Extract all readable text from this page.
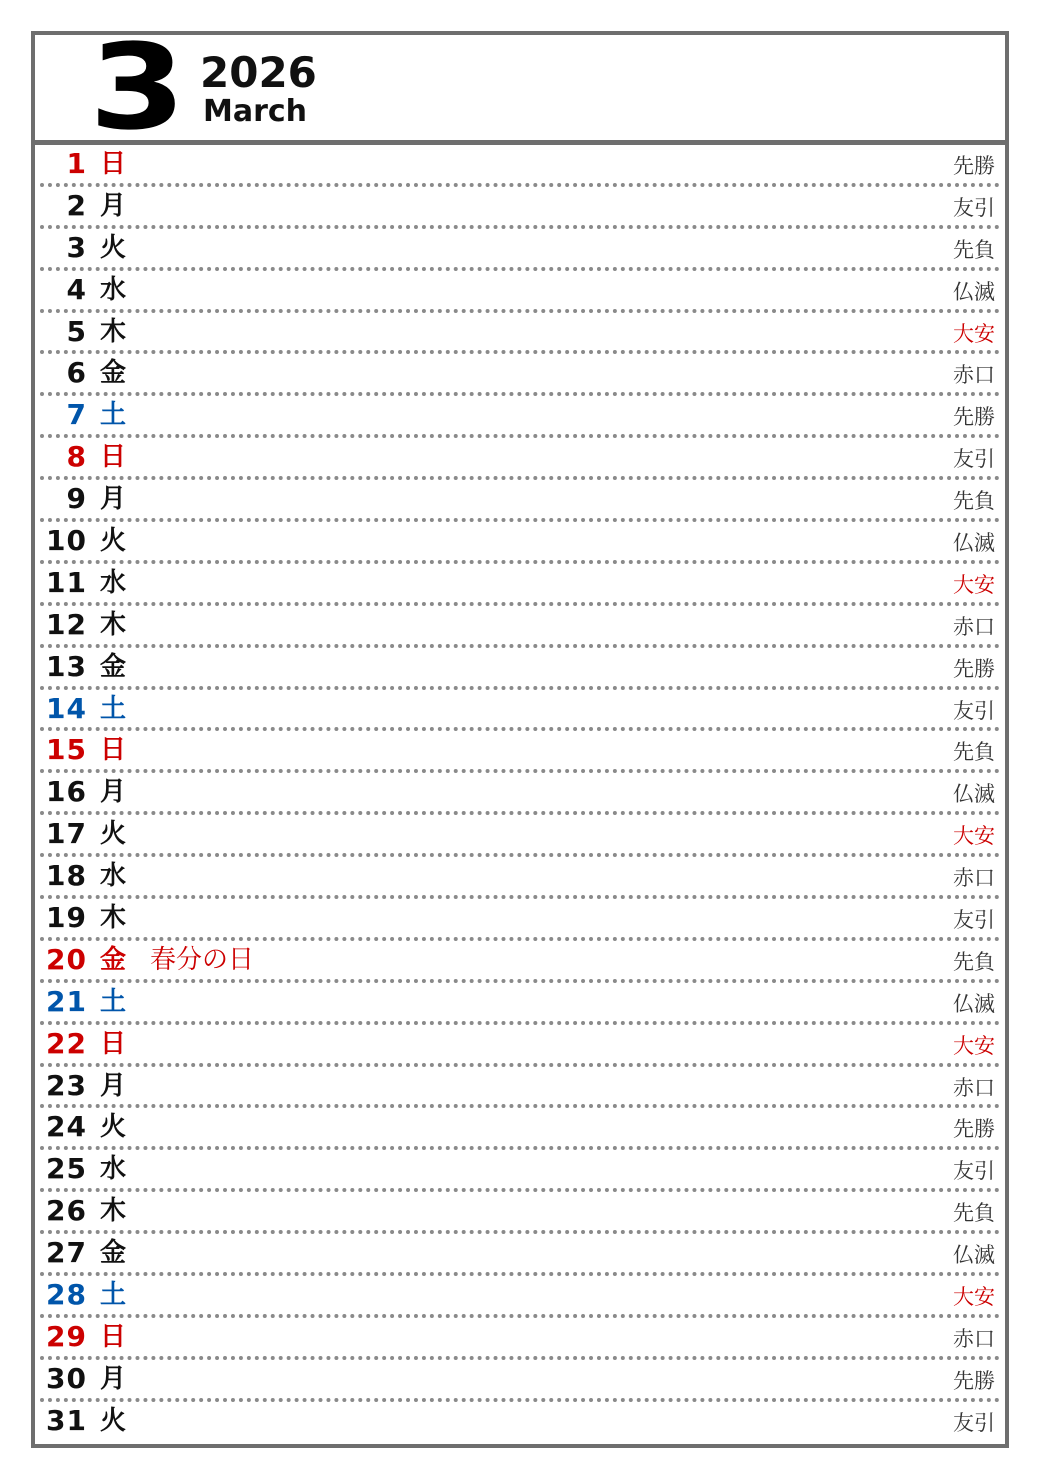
3 2026
March
1 日	先勝
2 月	友引
3 火	先負
4 水	仏滅
5 木	大安
6 金	赤口
7 土	先勝
8 日	友引
9 月	先負
10 火	仏滅
11 水	大安
12 木	赤口
13 金	先勝
14 土	友引
15 日	先負
16 月	仏滅
17 火	大安
18 水	赤口
19 木	友引
20 金 春分の日	先負
21 土	仏滅
22 日	大安
23 月	赤口
24 火	先勝
25 水	友引
26 木	先負
27 金	仏滅
28 土	大安
29 日	赤口
30 月	先勝
31 火	友引
